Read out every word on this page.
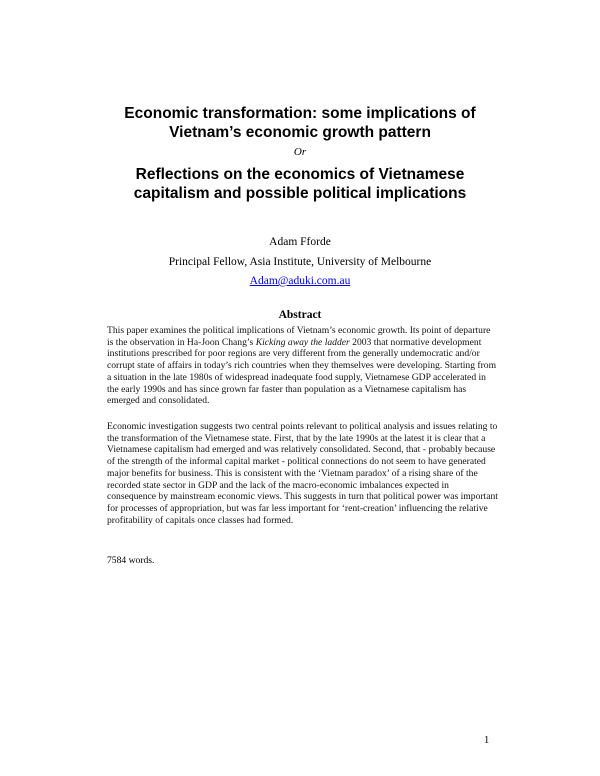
Economic transformation: some implications of
Vietnam’s economic growth pattern
Or
Reflections on the economics of Vietnamese
capitalism and possible political implications
Adam Fforde
Principal Fellow, Asia Institute, University of Melbourne
Adam@aduki.com.au
Abstract

This paper examines the political implications of Vietnam’s economic growth. Its point of departure is the observation in Ha-Joon Chang’s Kicking away the ladder 2003 that normative development institutions prescribed for poor regions are very different from the generally undemocratic and/or corrupt state of affairs in today’s rich countries when they themselves were developing. Starting from a situation in the late 1980s of widespread inadequate food supply, Vietnamese GDP accelerated in the early 1990s and has since grown far faster than population as a Vietnamese capitalism has emerged and consolidated.

Economic investigation suggests two central points relevant to political analysis and issues relating to the transformation of the Vietnamese state. First, that by the late 1990s at the latest it is clear that a Vietnamese capitalism had emerged and was relatively consolidated. Second, that - probably because of the strength of the informal capital market - political connections do not seem to have generated major benefits for business. This is consistent with the ‘Vietnam paradox’ of a rising share of the recorded state sector in GDP and the lack of the macro-economic imbalances expected in consequence by mainstream economic views. This suggests in turn that political power was important for processes of appropriation, but was far less important for ‘rent-creation’ influencing the relative profitability of capitals once classes had formed.

7584 words.
1
